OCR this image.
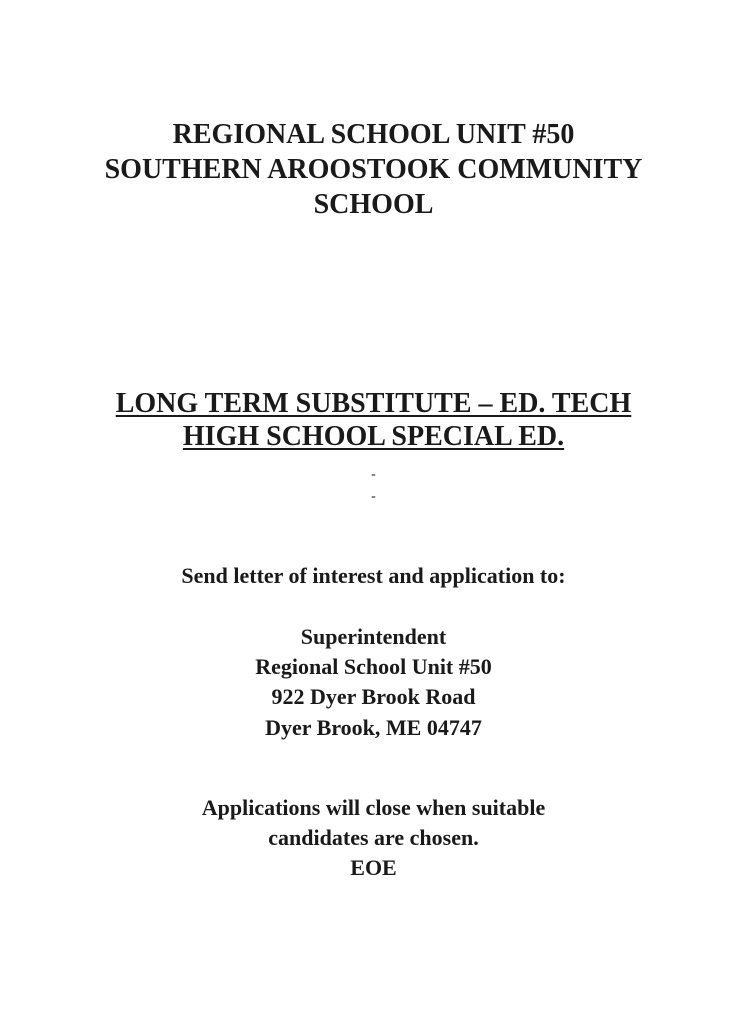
REGIONAL SCHOOL UNIT #50
SOUTHERN AROOSTOOK COMMUNITY
SCHOOL
LONG TERM SUBSTITUTE – ED. TECH
HIGH SCHOOL SPECIAL ED.
-
-
Send letter of interest and application to:
Superintendent
Regional School Unit #50
922 Dyer Brook Road
Dyer Brook, ME 04747
Applications will close when suitable
candidates are chosen.
EOE
